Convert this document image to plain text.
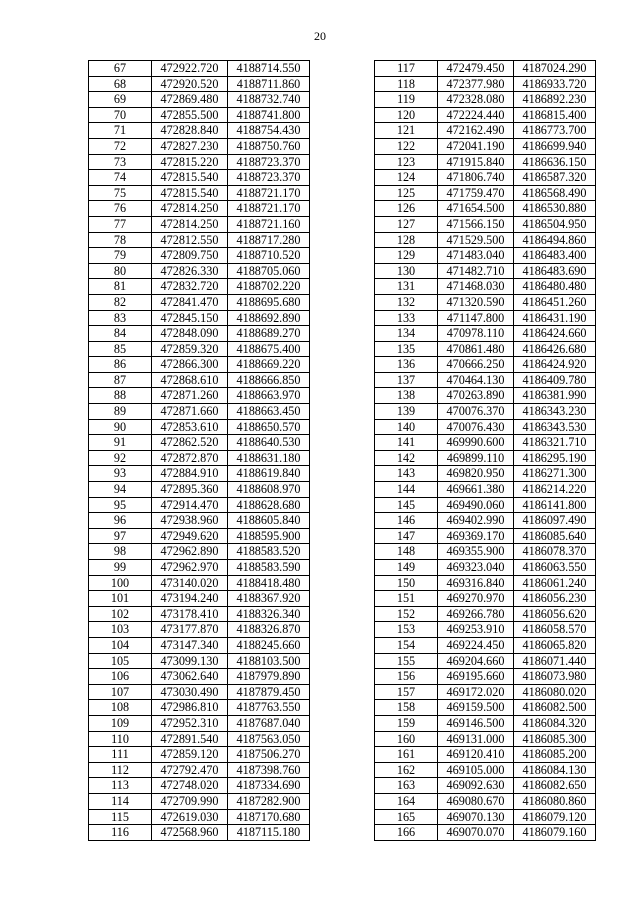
20
67	472922.720	4188714.550
68	472920.520	4188711.860
69	472869.480	4188732.740
70	472855.500	4188741.800
71	472828.840	4188754.430
72	472827.230	4188750.760
73	472815.220	4188723.370
74	472815.540	4188723.370
75	472815.540	4188721.170
76	472814.250	4188721.170
77	472814.250	4188721.160
78	472812.550	4188717.280
79	472809.750	4188710.520
80	472826.330	4188705.060
81	472832.720	4188702.220
82	472841.470	4188695.680
83	472845.150	4188692.890
84	472848.090	4188689.270
85	472859.320	4188675.400
86	472866.300	4188669.220
87	472868.610	4188666.850
88	472871.260	4188663.970
89	472871.660	4188663.450
90	472853.610	4188650.570
91	472862.520	4188640.530
92	472872.870	4188631.180
93	472884.910	4188619.840
94	472895.360	4188608.970
95	472914.470	4188628.680
96	472938.960	4188605.840
97	472949.620	4188595.900
98	472962.890	4188583.520
99	472962.970	4188583.590
100	473140.020	4188418.480
101	473194.240	4188367.920
102	473178.410	4188326.340
103	473177.870	4188326.870
104	473147.340	4188245.660
105	473099.130	4188103.500
106	473062.640	4187979.890
107	473030.490	4187879.450
108	472986.810	4187763.550
109	472952.310	4187687.040
110	472891.540	4187563.050
111	472859.120	4187506.270
112	472792.470	4187398.760
113	472748.020	4187334.690
114	472709.990	4187282.900
115	472619.030	4187170.680
116	472568.960	4187115.180
117	472479.450	4187024.290
118	472377.980	4186933.720
119	472328.080	4186892.230
120	472224.440	4186815.400
121	472162.490	4186773.700
122	472041.190	4186699.940
123	471915.840	4186636.150
124	471806.740	4186587.320
125	471759.470	4186568.490
126	471654.500	4186530.880
127	471566.150	4186504.950
128	471529.500	4186494.860
129	471483.040	4186483.400
130	471482.710	4186483.690
131	471468.030	4186480.480
132	471320.590	4186451.260
133	471147.800	4186431.190
134	470978.110	4186424.660
135	470861.480	4186426.680
136	470666.250	4186424.920
137	470464.130	4186409.780
138	470263.890	4186381.990
139	470076.370	4186343.230
140	470076.430	4186343.530
141	469990.600	4186321.710
142	469899.110	4186295.190
143	469820.950	4186271.300
144	469661.380	4186214.220
145	469490.060	4186141.800
146	469402.990	4186097.490
147	469369.170	4186085.640
148	469355.900	4186078.370
149	469323.040	4186063.550
150	469316.840	4186061.240
151	469270.970	4186056.230
152	469266.780	4186056.620
153	469253.910	4186058.570
154	469224.450	4186065.820
155	469204.660	4186071.440
156	469195.660	4186073.980
157	469172.020	4186080.020
158	469159.500	4186082.500
159	469146.500	4186084.320
160	469131.000	4186085.300
161	469120.410	4186085.200
162	469105.000	4186084.130
163	469092.630	4186082.650
164	469080.670	4186080.860
165	469070.130	4186079.120
166	469070.070	4186079.160
